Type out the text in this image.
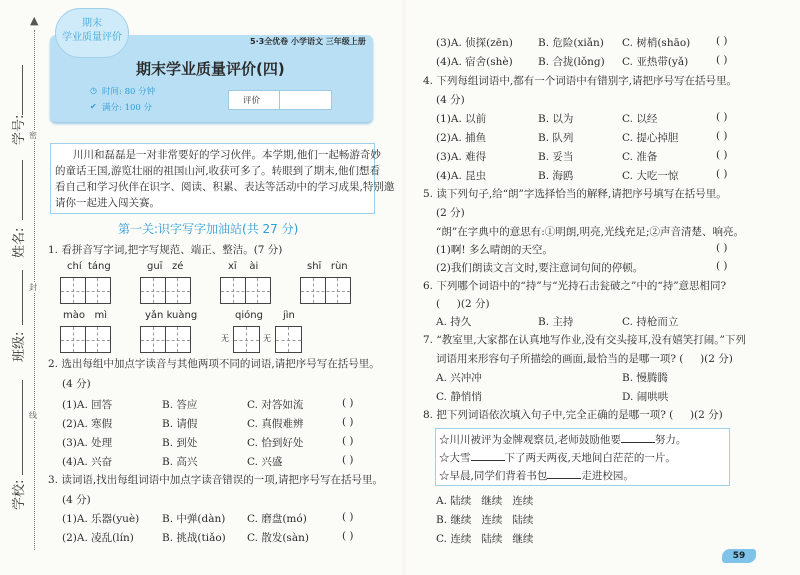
▲
密
封
线
学号:
姓名:
班级:
学校:
期末
学业质量评价	5·3全优卷 小学语文 三年级上册
期末学业质量评价(四)
◷ 时间: 80 分钟
✔ 满分: 100 分
评价
川川和磊磊是一对非常要好的学习伙伴。本学期,他们一起畅游奇妙
的童话王国,游览壮丽的祖国山河,收获可多了。转眼到了期末,他们想看
看自己和学习伙伴在识字、阅读、积累、表达等活动中的学习成果,特别邀
请你一起进入闯关赛。
第一关:识字写字加油站(共 27 分)
1. 看拼音写字词,把字写规范、端正、整洁。(7 分)
chí  táng	guī   zé	xī    ài	shī   rùn
mào   mì	yǎn kuàng	qióng jìn
无	无
2. 选出每组中加点字读音与其他两项不同的词语,请把序号写在括号里。
(4 分)
(1)A. 回答	B. 答应	C. 对答如流	( )
(2)A. 寒假	B. 请假	C. 真假难辨	( )
(3)A. 处理	B. 到处	C. 恰到好处	( )
(4)A. 兴奋	B. 高兴	C. 兴盛	( )
3. 读词语,找出每组词语中加点字读音错误的一项,请把序号写在括号里。
(4 分)
(1)A. 乐器(yuè) B. 中弹(dàn) C. 磨盘(mó)	( )
(2)A. 凌乱(lín)	B. 挑战(tiǎo) C. 散发(sàn)	( )
(3)A. 侦探(zēn) B. 危险(xiǎn) C. 树梢(shāo) ( )
(4)A. 宿舍(shè) B. 合拢(lǒng) C. 亚热带(yǎ)	( )
4. 下列每组词语中,都有一个词语中有错别字,请把序号写在括号里。
(4 分)
(1)A. 以前	B. 以为	C. 以经	( )
(2)A. 捕鱼	B. 队列	C. 提心掉胆	( )
(3)A. 难得	B. 妥当	C. 准备	( )
(4)A. 昆虫	B. 海鸥	C. 大吃一惊	( )
5. 读下列句子,给“朗”字选择恰当的解释,请把序号填写在括号里。
(2 分)
“朗”在字典中的意思有:①明朗,明亮,光线充足;②声音清楚、响亮。
(1)啊! 多么晴朗的天空。	( )
(2)我们朗读文言文时,要注意词句间的停顿。	( )
6. 下列哪个词语中的“持”与“光持石击瓮破之”中的“持”意思相同?
(     )(2 分)
A. 持久	B. 主持	C. 持枪而立
7. “教室里,大家都在认真地写作业,没有交头接耳,没有嬉笑打闹。”下列
词语用来形容句子所描绘的画面,最恰当的是哪一项? (     )(2 分)
A. 兴冲冲	B. 慢腾腾
C. 静悄悄	D. 闹哄哄
8. 把下列词语依次填入句子中,完全正确的是哪一项? (     )(2 分)
☆川川被评为金牌观察员,老师鼓励他要	努力。
☆大雪	下了两天两夜,天地间白茫茫的一片。
☆早晨,同学们背着书包	走进校园。
A. 陆续   继续   连续
B. 继续   连续   陆续
C. 连续   陆续   继续
59
